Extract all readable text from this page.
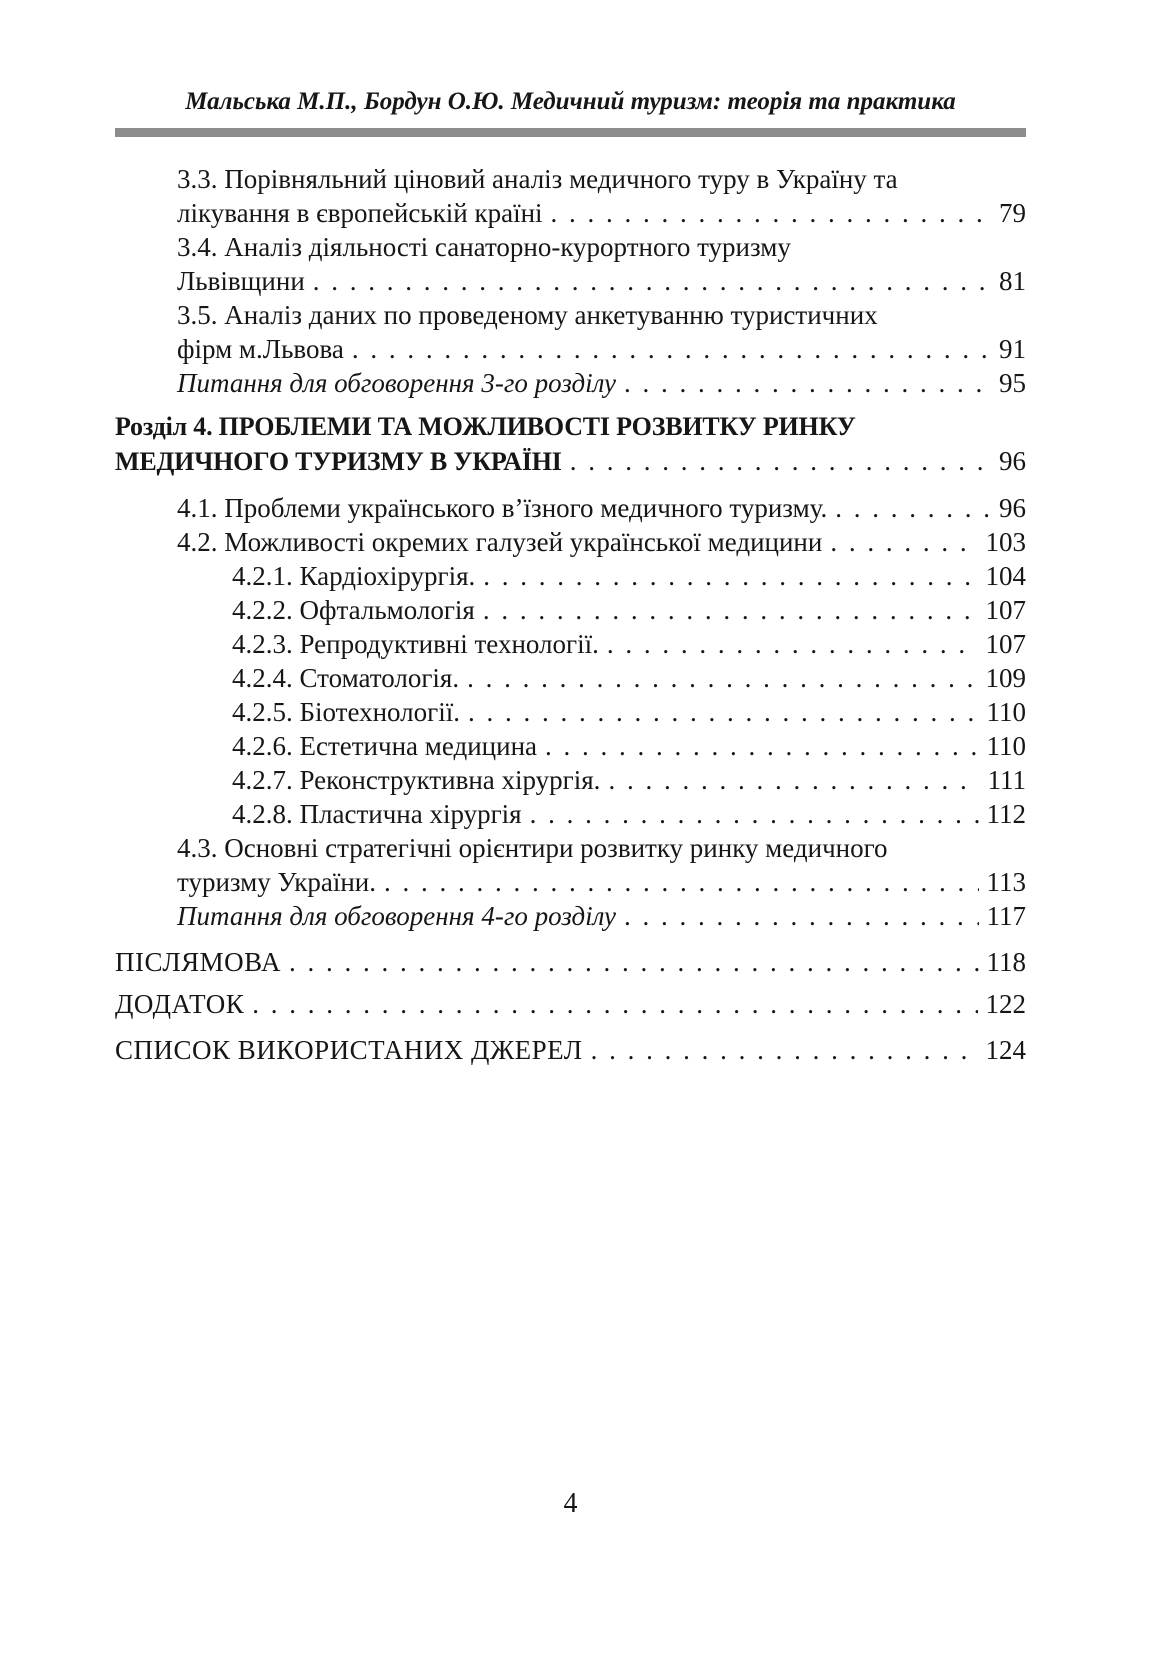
Мальська М.П., Бордун О.Ю. Медичний туризм: теорія та практика
3.3. Порівняльний ціновий аналіз медичного туру в Україну та
лікування в європейській країні . . .	79
3.4. Аналіз діяльності санаторно-курортного туризму
Львівщини . . .	81
3.5. Аналіз даних по проведеному анкетуванню туристичних
фірм м.Львова . . .	91
Питання для обговорення 3-го розділу . . .	95
Розділ 4. ПРОБЛЕМИ ТА МОЖЛИВОСТІ РОЗВИТКУ РИНКУ
МЕДИЧНОГО ТУРИЗМУ В УКРАЇНІ . . .	96
4.1. Проблеми українського в’їзного медичного туризму. . . .	96
4.2. Можливості окремих галузей української медицини . . .	103
4.2.1. Кардіохірургія. . . .	104
4.2.2. Офтальмологія . . .	107
4.2.3. Репродуктивні технології. . . .	107
4.2.4. Стоматологія. . . .	109
4.2.5. Біотехнології. . . .	110
4.2.6. Естетична медицина . . .	110
4.2.7. Реконструктивна хірургія. . . .	111
4.2.8. Пластична хірургія . . .	112
4.3. Основні стратегічні орієнтири розвитку ринку медичного
туризму України. . . .	113
Питання для обговорення 4-го розділу . . .	117
ПІСЛЯМОВА . . .	118
ДОДАТОК . . .	122
СПИСОК ВИКОРИСТАНИХ ДЖЕРЕЛ . . .	124
4
